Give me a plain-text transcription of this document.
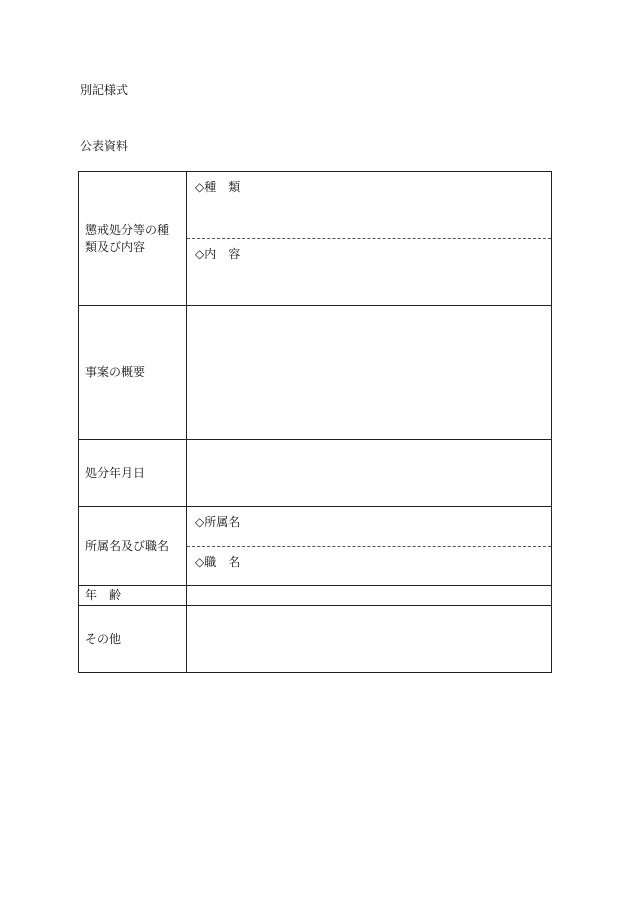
別記様式
公表資料
懲戒処分等の種類及び内容	◇種　類
◇内　容

事案の概要	
処分年月日	
所属名及び職名	◇所属名
◇職　名

年　齢	
その他	
